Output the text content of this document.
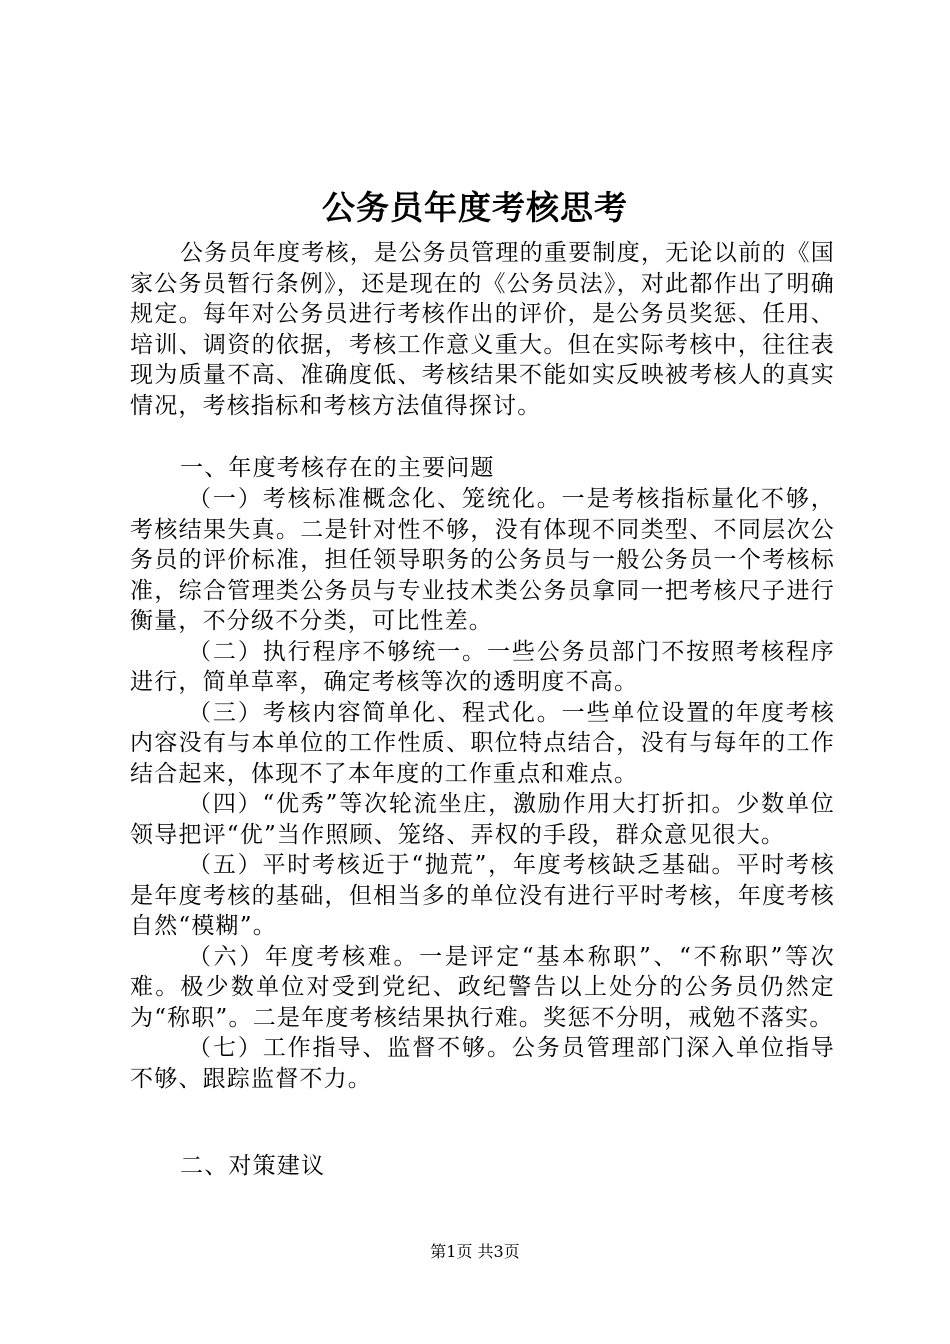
公务员年度考核思考

公务员年度考核，是公务员管理的重要制度，无论以前的《国家公务员暂行条例》，还是现在的《公务员法》，对此都作出了明确规定。每年对公务员进行考核作出的评价，是公务员奖惩、任用、培训、调资的依据，考核工作意义重大。但在实际考核中，往往表现为质量不高、准确度低、考核结果不能如实反映被考核人的真实情况，考核指标和考核方法值得探讨。

一、年度考核存在的主要问题

（一）考核标准概念化、笼统化。一是考核指标量化不够，考核结果失真。二是针对性不够，没有体现不同类型、不同层次公务员的评价标准，担任领导职务的公务员与一般公务员一个考核标准，综合管理类公务员与专业技术类公务员拿同一把考核尺子进行衡量，不分级不分类，可比性差。

（二）执行程序不够统一。一些公务员部门不按照考核程序进行，简单草率，确定考核等次的透明度不高。

（三）考核内容简单化、程式化。一些单位设置的年度考核内容没有与本单位的工作性质、职位特点结合，没有与每年的工作结合起来，体现不了本年度的工作重点和难点。

（四）“优秀”等次轮流坐庄，激励作用大打折扣。少数单位领导把评“优”当作照顾、笼络、弄权的手段，群众意见很大。

（五）平时考核近于“抛荒”，年度考核缺乏基础。平时考核是年度考核的基础，但相当多的单位没有进行平时考核，年度考核自然“模糊”。

（六）年度考核难。一是评定“基本称职”、“不称职”等次难。极少数单位对受到党纪、政纪警告以上处分的公务员仍然定为“称职”。二是年度考核结果执行难。奖惩不分明，戒勉不落实。

（七）工作指导、监督不够。公务员管理部门深入单位指导不够、跟踪监督不力。

二、对策建议

第1页 共3页
